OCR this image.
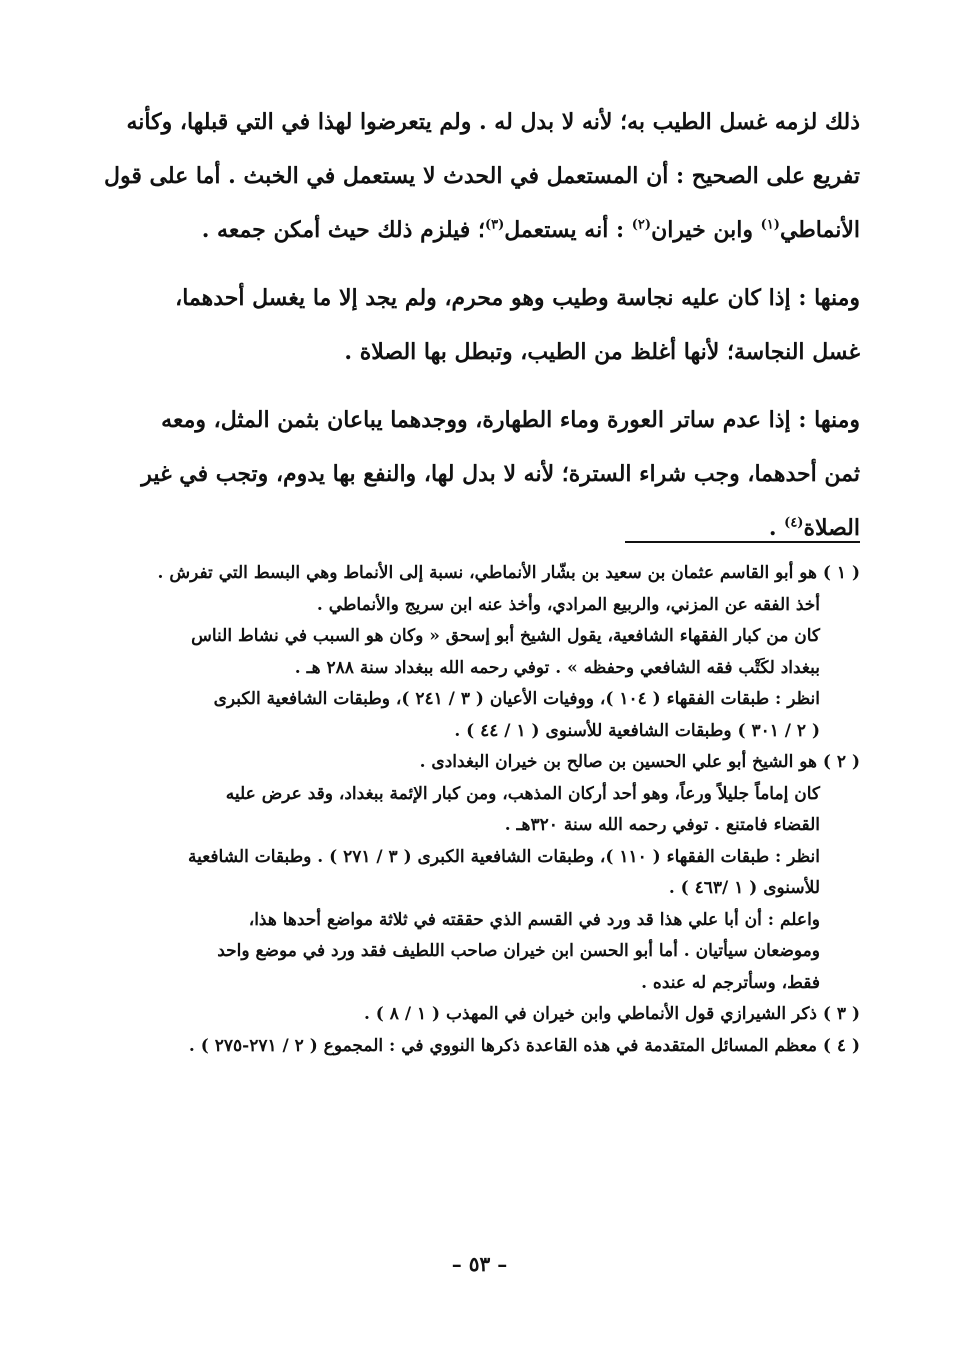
ذلك لزمه غسل الطيب به؛ لأنه لا بدل له . ولم يتعرضوا لهذا في التي قبلها، وكأنه
تفريع على الصحيح : أن المستعمل في الحدث لا يستعمل في الخبث . أما على قول
الأنماطي$^{(١)}$ وابن خيران$^{(٢)}$ : أنه يستعمل$^{(٣)}$؛ فيلزم ذلك حيث أمكن جمعه .

ومنها : إذا كان عليه نجاسة وطيب وهو محرم، ولم يجد إلا ما يغسل أحدهما،
غسل النجاسة؛ لأنها أغلظ من الطيب، وتبطل بها الصلاة .

ومنها : إذا عدم ساتر العورة وماء الطهارة، ووجدهما يباعان بثمن المثل، ومعه
ثمن أحدهما، وجب شراء السترة؛ لأنه لا بدل لها، والنفع بها يدوم، وتجب في غير
الصلاة$^{(٤)}$ .

( ١ ) هو أبو القاسم عثمان بن سعيد بن بشّار الأنماطي، نسبة إلى الأنماط وهي البسط التي تفرش .
أخذ الفقه عن المزني، والربيع المرادي، وأخذ عنه ابن سريج والأنماطي .
كان من كبار الفقهاء الشافعية، يقول الشيخ أبو إسحق « وكان هو السبب في نشاط الناس
ببغداد لكَتْب فقه الشافعي وحفظه » . توفي رحمه الله ببغداد سنة ٢٨٨ هـ .
انظر : طبقات الفقهاء ( ١٠٤ )، ووفيات الأعيان ( ٣ / ٢٤١ )، وطبقات الشافعية الكبرى
( ٢ / ٣٠١ ) وطبقات الشافعية للأسنوى ( ١ / ٤٤ ) .
( ٢ ) هو الشيخ أبو علي الحسين بن صالح بن خيران البغدادى .
كان إماماً جليلاً ورعاً، وهو أحد أركان المذهب، ومن كبار الإئمة ببغداد، وقد عرض عليه
القضاء فامتنع . توفي رحمه الله سنة ٣٢٠هـ .
انظر : طبقات الفقهاء ( ١١٠ )، وطبقات الشافعية الكبرى ( ٣ / ٢٧١ ) . وطبقات الشافعية
للأسنوى ( ١ /٤٦٣ ) .
واعلم : أن أبا علي هذا قد ورد في القسم الذي حققته في ثلاثة مواضع أحدها هذا،
وموضعان سيأتيان . أما أبو الحسن ابن خيران صاحب اللطيف فقد ورد في موضع واحد
فقط، وسأترجم له عنده .
( ٣ ) ذكر الشيرازي قول الأنماطي وابن خيران في المهذب ( ١ / ٨ ) .
( ٤ ) معظم المسائل المتقدمة في هذه القاعدة ذكرها النووي في : المجموع ( ٢ / ٢٧١-٢٧٥ ) .
– ٥٣ –
